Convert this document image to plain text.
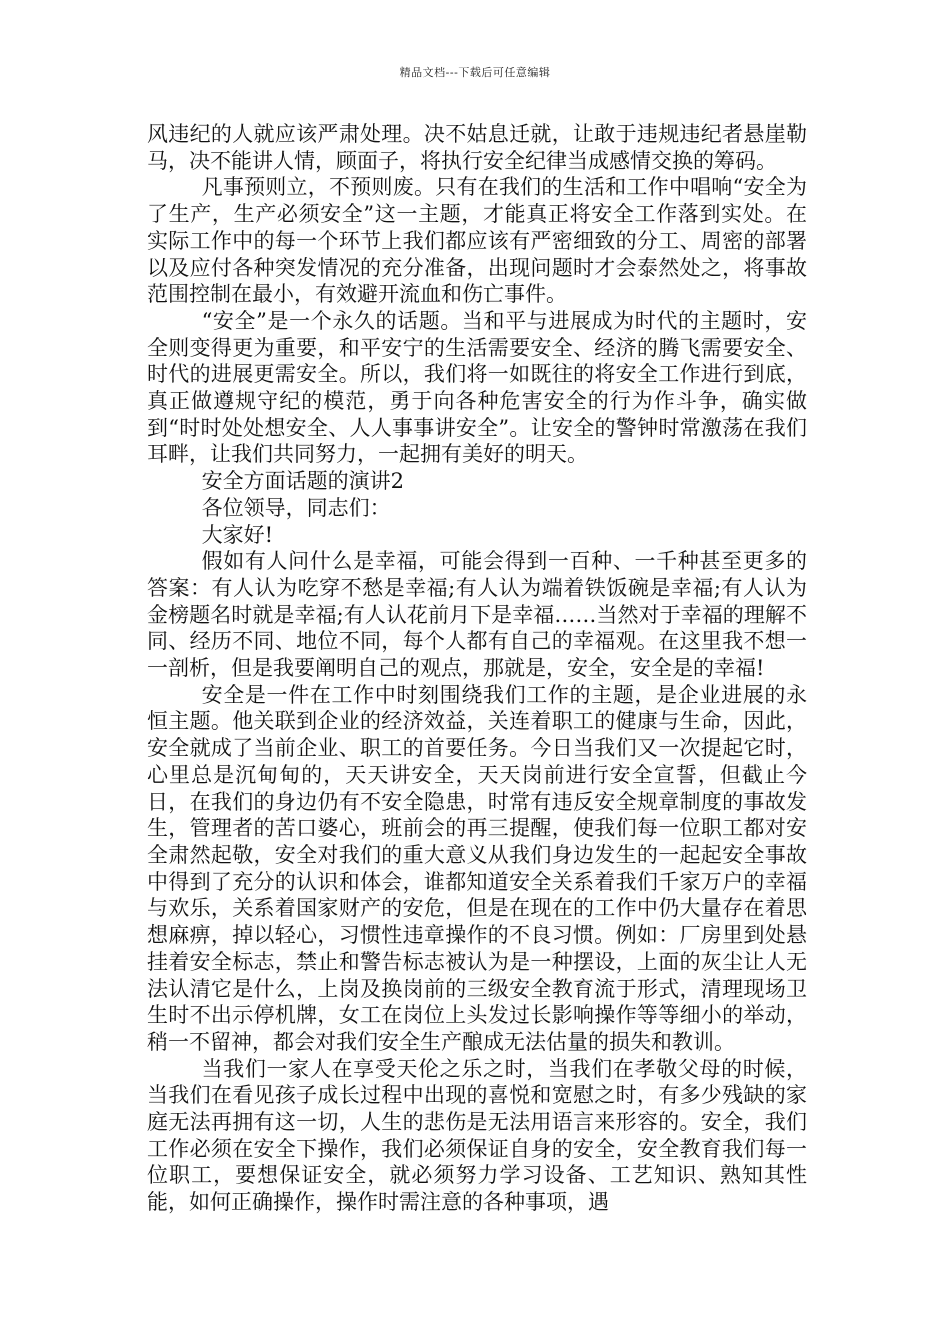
精品文档---下载后可任意编辑

风违纪的人就应该严肃处理。决不姑息迁就，让敢于违规违纪者悬崖勒马，决不能讲人情，顾面子，将执行安全纪律当成感情交换的筹码。

凡事预则立，不预则废。只有在我们的生活和工作中唱响“安全为了生产，生产必须安全”这一主题，才能真正将安全工作落到实处。在实际工作中的每一个环节上我们都应该有严密细致的分工、周密的部署以及应付各种突发情况的充分准备，出现问题时才会泰然处之，将事故范围控制在最小，有效避开流血和伤亡事件。

“安全”是一个永久的话题。当和平与进展成为时代的主题时，安全则变得更为重要，和平安宁的生活需要安全、经济的腾飞需要安全、时代的进展更需安全。所以，我们将一如既往的将安全工作进行到底，真正做遵规守纪的模范，勇于向各种危害安全的行为作斗争，确实做到“时时处处想安全、人人事事讲安全”。让安全的警钟时常激荡在我们耳畔，让我们共同努力，一起拥有美好的明天。

安全方面话题的演讲2

各位领导，同志们：

大家好!

假如有人问什么是幸福，可能会得到一百种、一千种甚至更多的答案：有人认为吃穿不愁是幸福;有人认为端着铁饭碗是幸福;有人认为金榜题名时就是幸福;有人认花前月下是幸福……当然对于幸福的理解不同、经历不同、地位不同，每个人都有自己的幸福观。在这里我不想一一剖析，但是我要阐明自己的观点，那就是，安全，安全是的幸福!

安全是一件在工作中时刻围绕我们工作的主题，是企业进展的永恒主题。他关联到企业的经济效益，关连着职工的健康与生命，因此，安全就成了当前企业、职工的首要任务。今日当我们又一次提起它时，心里总是沉甸甸的，天天讲安全，天天岗前进行安全宣誓，但截止今日，在我们的身边仍有不安全隐患，时常有违反安全规章制度的事故发生，管理者的苦口婆心，班前会的再三提醒，使我们每一位职工都对安全肃然起敬，安全对我们的重大意义从我们身边发生的一起起安全事故中得到了充分的认识和体会，谁都知道安全关系着我们千家万户的幸福与欢乐，关系着国家财产的安危，但是在现在的工作中仍大量存在着思想麻痹，掉以轻心，习惯性违章操作的不良习惯。例如：厂房里到处悬挂着安全标志，禁止和警告标志被认为是一种摆设，上面的灰尘让人无法认清它是什么，上岗及换岗前的三级安全教育流于形式，清理现场卫生时不出示停机牌，女工在岗位上头发过长影响操作等等细小的举动，稍一不留神，都会对我们安全生产酿成无法估量的损失和教训。

当我们一家人在享受天伦之乐之时，当我们在孝敬父母的时候，当我们在看见孩子成长过程中出现的喜悦和宽慰之时，有多少残缺的家庭无法再拥有这一切，人生的悲伤是无法用语言来形容的。安全，我们工作必须在安全下操作，我们必须保证自身的安全，安全教育我们每一位职工，要想保证安全，就必须努力学习设备、工艺知识、熟知其性能，如何正确操作，操作时需注意的各种事项，遇
